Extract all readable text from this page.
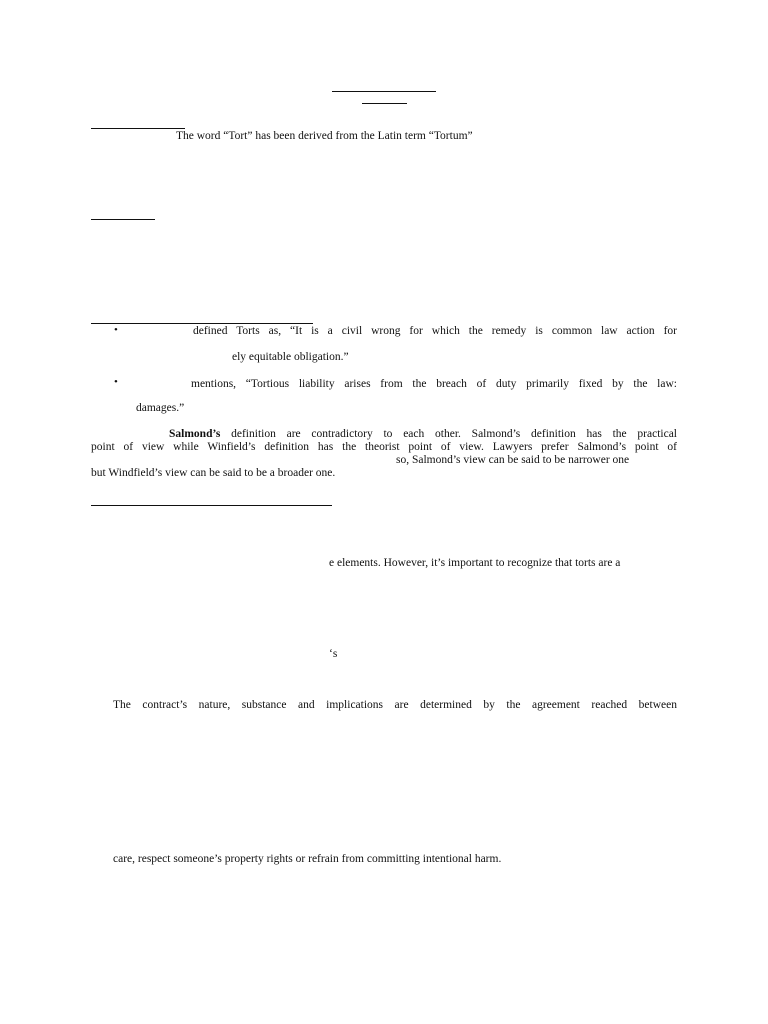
The word “Tort” has been derived from the Latin term “Tortum”
•	defined Torts as, “It is a civil wrong for which the remedy is common law action for
ely equitable obligation.”
•	mentions, “Tortious liability arises from the breach of duty primarily fixed by the law:
damages.”
Salmond’s definition are contradictory to each other. Salmond’s definition has the practical
point of view while Winfield’s definition has the theorist point of view. Lawyers prefer Salmond’s point of
so, Salmond’s view can be said to be narrower one
but Windfield’s view can be said to be a broader one.
e elements. However, it’s important to recognize that torts are a
‘s
The contract’s nature, substance and implications are determined by the agreement reached between
care, respect someone’s property rights or refrain from committing intentional harm.
